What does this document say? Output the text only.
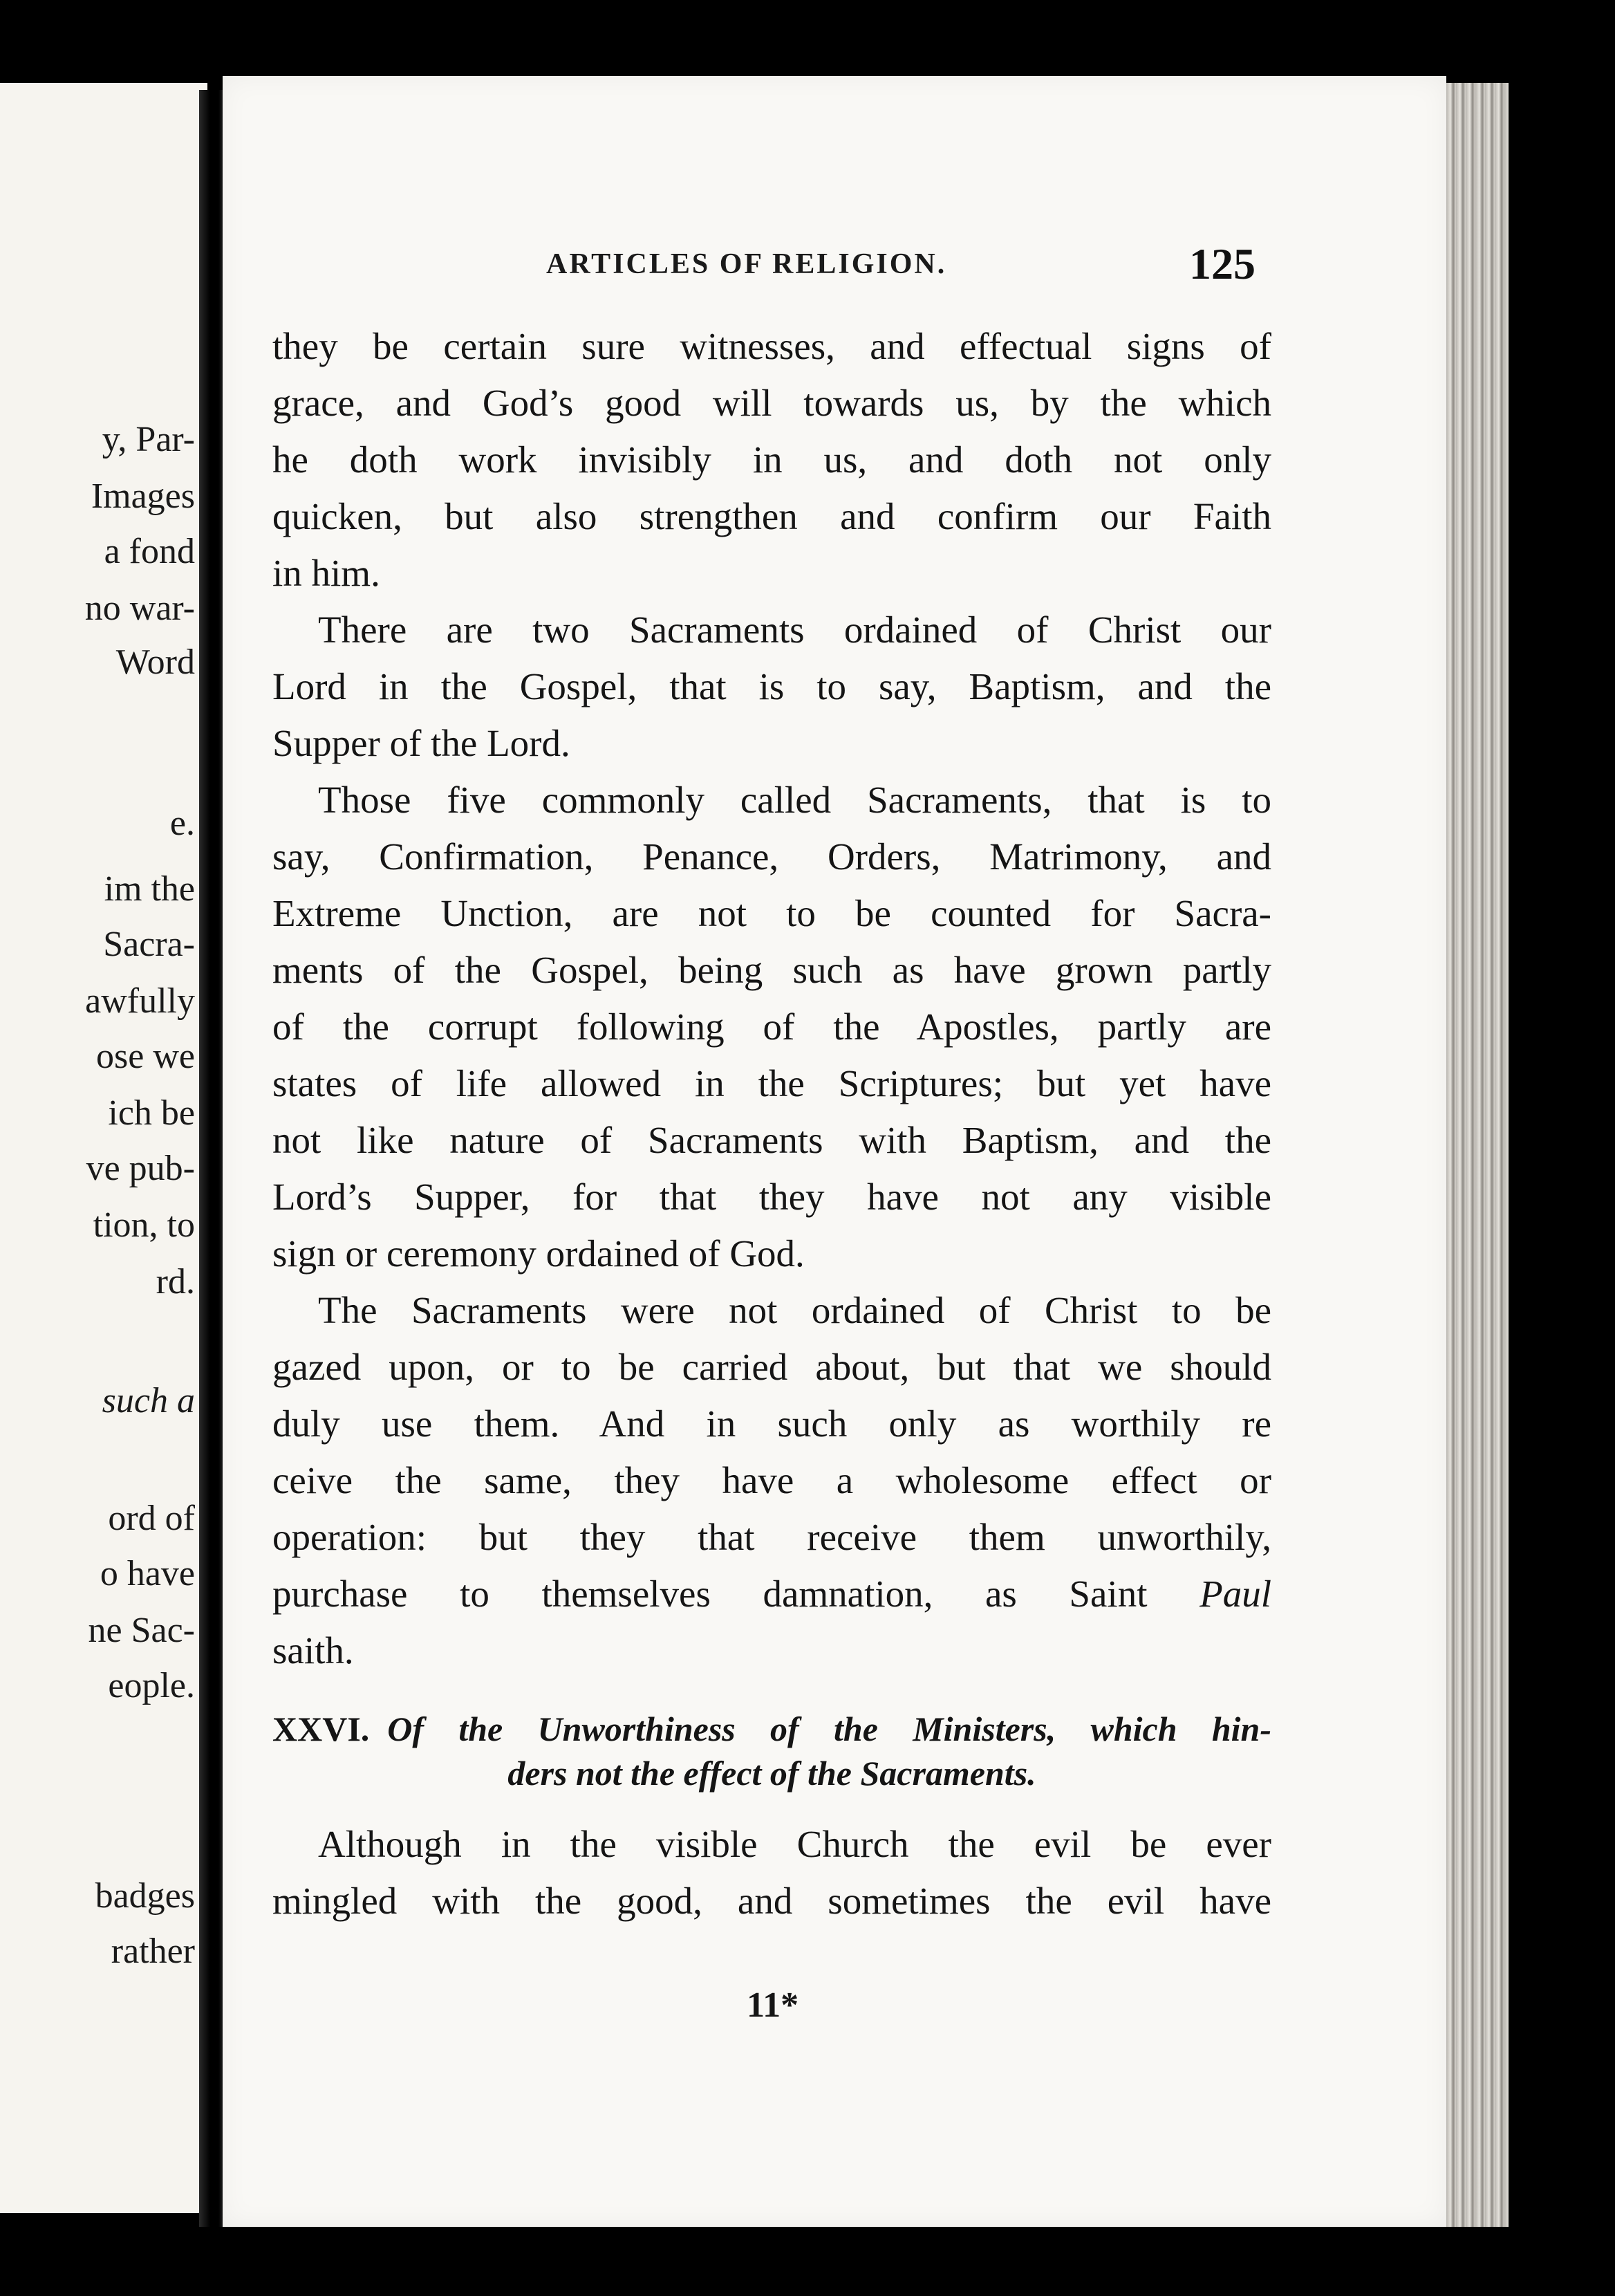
y, Par-
Images
a fond
no war-
Word
e.
im the
Sacra-
awfully
ose we
ich be
ve pub-
tion, to
rd.
such a
ord of
o have
ne Sac-
eople.
badges
rather
ARTICLES OF RELIGION.	125

they be certain sure witnesses, and effectual signs of
grace, and God’s good will towards us, by the which
he doth work invisibly in us, and doth not only
quicken, but also strengthen and confirm our Faith
in him.

There are two Sacraments ordained of Christ our
Lord in the Gospel, that is to say, Baptism, and the
Supper of the Lord.

Those five commonly called Sacraments, that is to
say, Confirmation, Penance, Orders, Matrimony, and
Extreme Unction, are not to be counted for Sacra-
ments of the Gospel, being such as have grown partly
of the corrupt following of the Apostles, partly are
states of life allowed in the Scriptures; but yet have
not like nature of Sacraments with Baptism, and the
Lord’s Supper, for that they have not any visible
sign or ceremony ordained of God.

The Sacraments were not ordained of Christ to be
gazed upon, or to be carried about, but that we should
duly use them. And in such only as worthily re
ceive the same, they have a wholesome effect or
operation: but they that receive them unworthily,
purchase to themselves damnation, as Saint Paul
saith.

XXVI. Of the Unworthiness of the Ministers, which hin-
ders not the effect of the Sacraments.

Although in the visible Church the evil be ever
mingled with the good, and sometimes the evil have

11*
